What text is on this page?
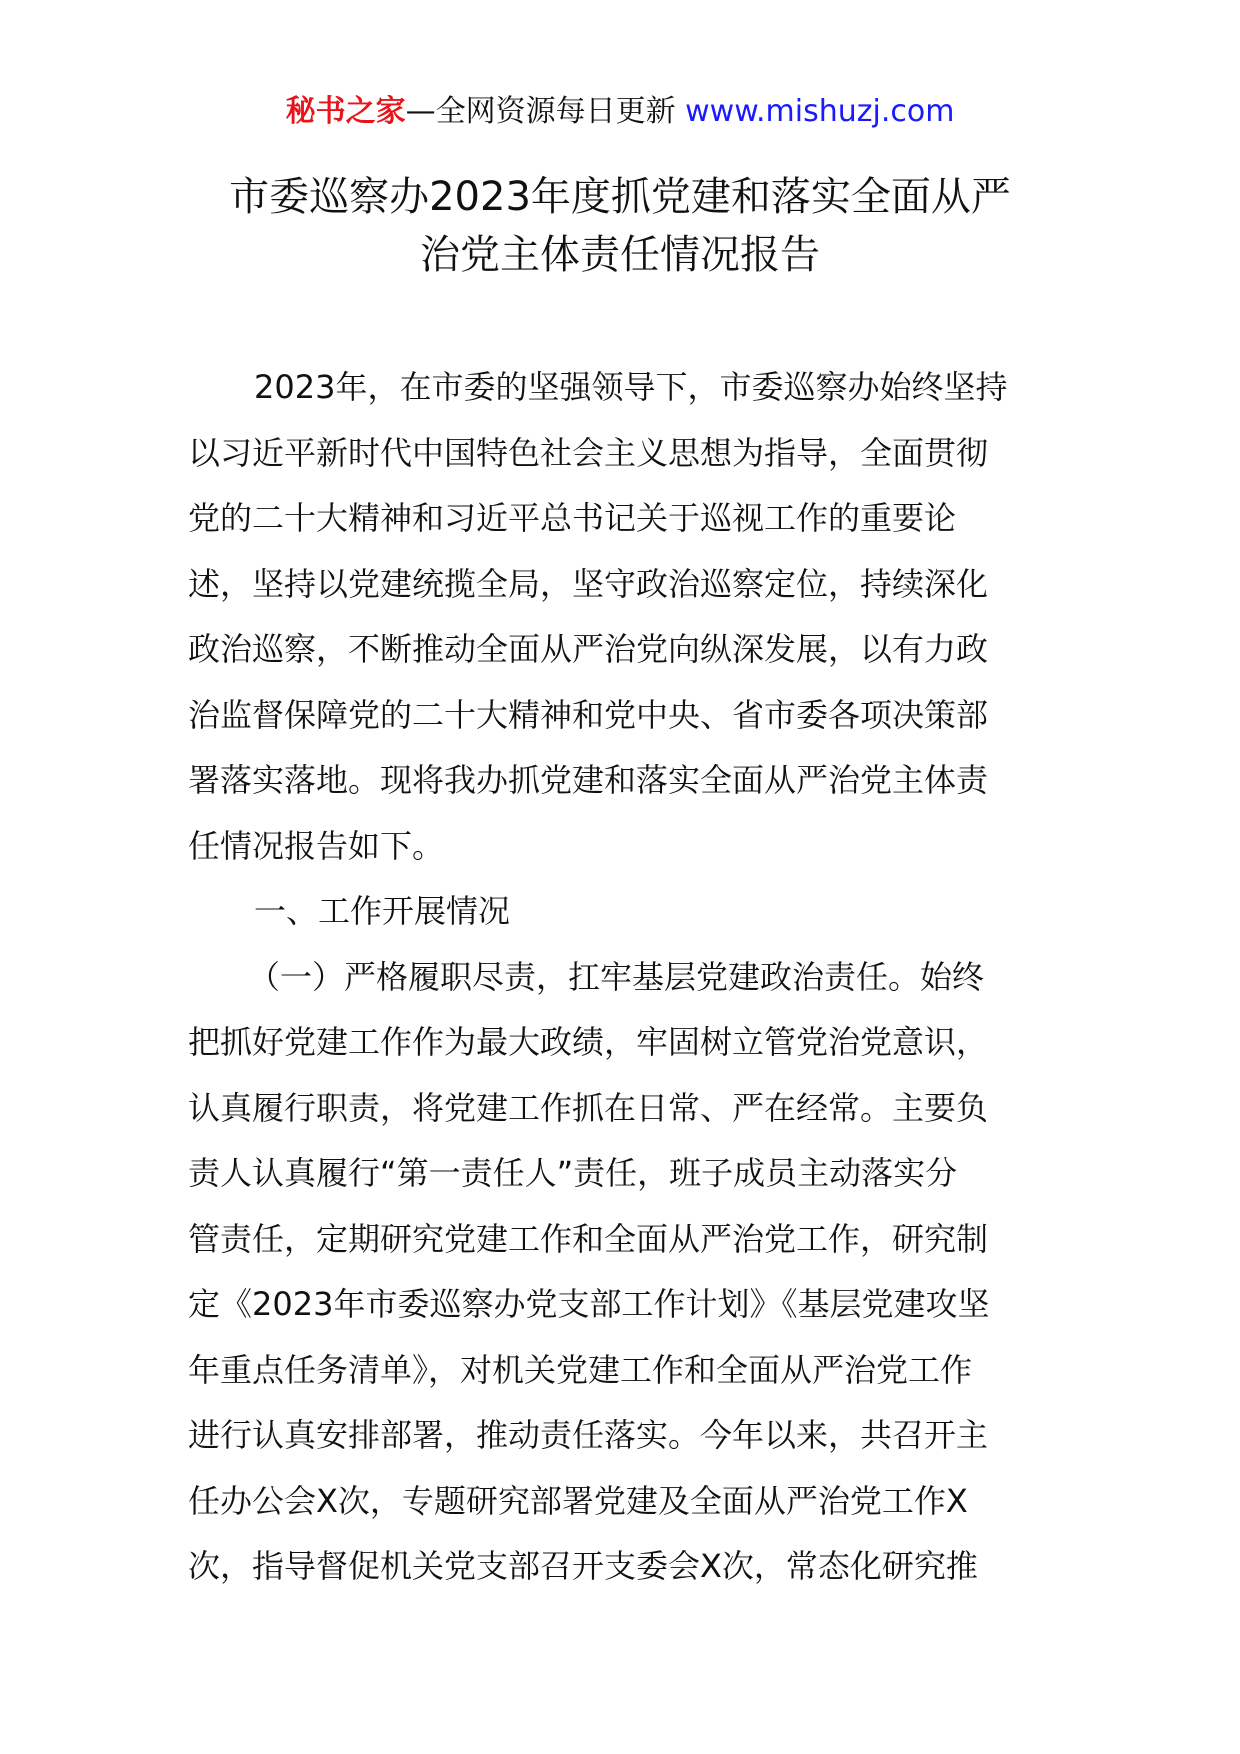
秘书之家—全网资源每日更新 www.mishuzj.com
市委巡察办2023年度抓党建和落实全面从严
治党主体责任情况报告
2023年，在市委的坚强领导下，市委巡察办始终坚持
以习近平新时代中国特色社会主义思想为指导，全面贯彻
党的二十大精神和习近平总书记关于巡视工作的重要论
述，坚持以党建统揽全局，坚守政治巡察定位，持续深化
政治巡察，不断推动全面从严治党向纵深发展，以有力政
治监督保障党的二十大精神和党中央、省市委各项决策部
署落实落地。现将我办抓党建和落实全面从严治党主体责
任情况报告如下。
一、工作开展情况
（一）严格履职尽责，扛牢基层党建政治责任。始终
把抓好党建工作作为最大政绩，牢固树立管党治党意识，
认真履行职责，将党建工作抓在日常、严在经常。主要负
责人认真履行“第一责任人”责任，班子成员主动落实分
管责任，定期研究党建工作和全面从严治党工作，研究制
定《2023年市委巡察办党支部工作计划》《基层党建攻坚
年重点任务清单》，对机关党建工作和全面从严治党工作
进行认真安排部署，推动责任落实。今年以来，共召开主
任办公会X次，专题研究部署党建及全面从严治党工作X
次，指导督促机关党支部召开支委会X次，常态化研究推
